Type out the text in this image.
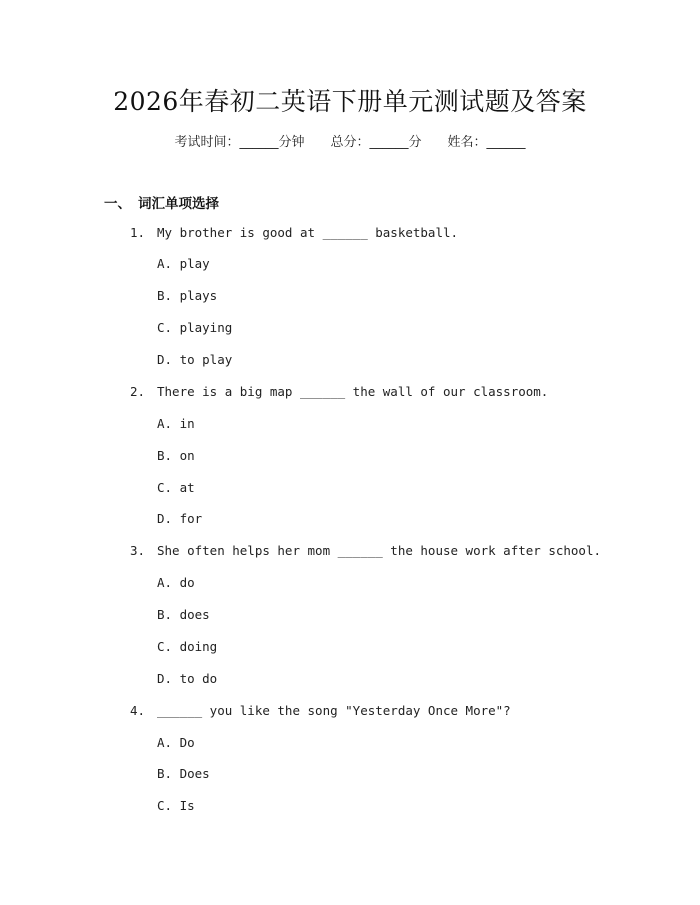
2026年春初二英语下册单元测试题及答案
考试时间：______分钟 总分：______分 姓名：______
一、 词汇单项选择
1. My brother is good at ______ basketball.
A. play
B. plays
C. playing
D. to play
2. There is a big map ______ the wall of our classroom.
A. in
B. on
C. at
D. for
3. She often helps her mom ______ the house work after school.
A. do
B. does
C. doing
D. to do
4. ______ you like the song "Yesterday Once More"?
A. Do
B. Does
C. Is
